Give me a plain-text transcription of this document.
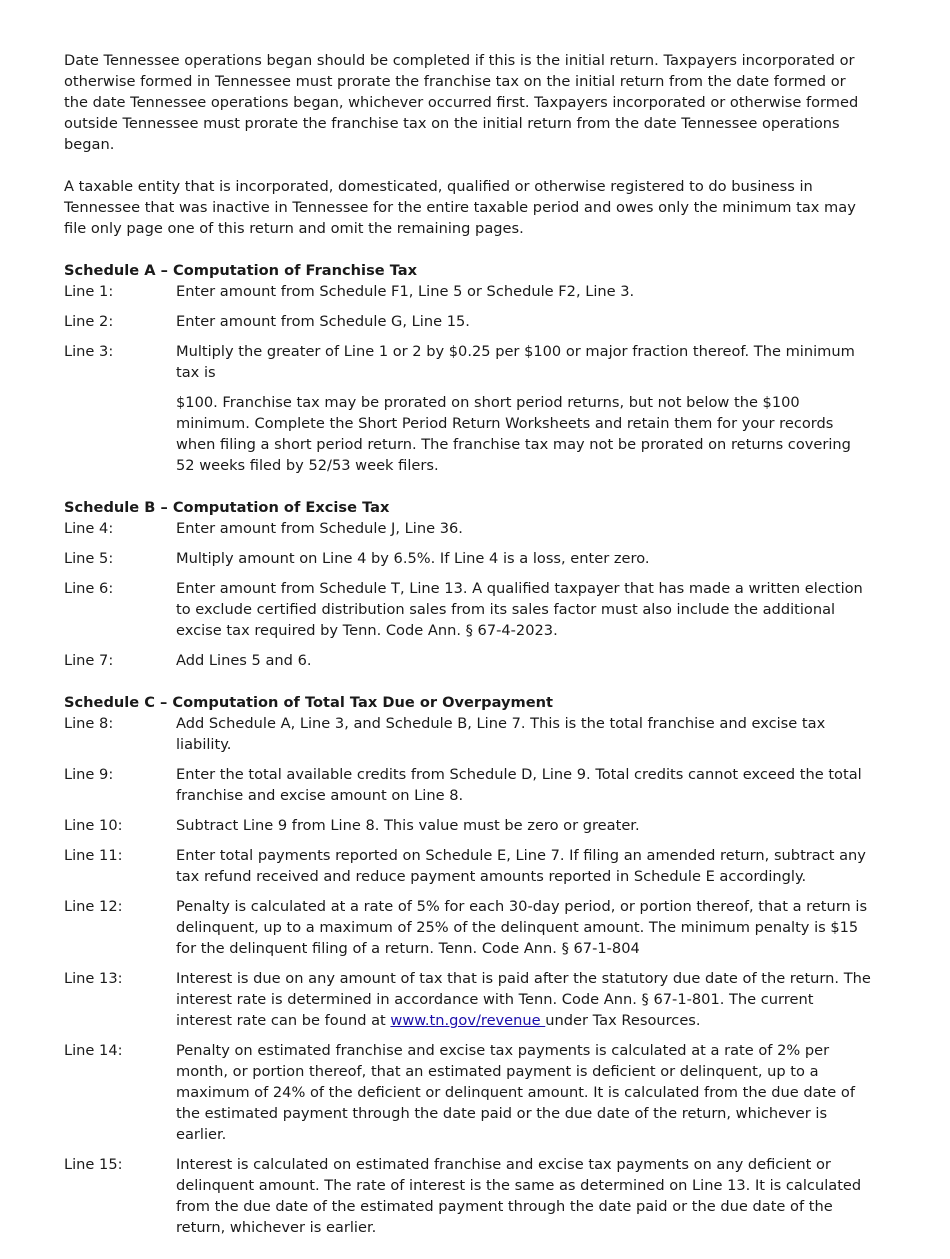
Date Tennessee operations began should be completed if this is the initial return. Taxpayers incorporated or otherwise formed in Tennessee must prorate the franchise tax on the initial return from the date formed or the date Tennessee operations began, whichever occurred first. Taxpayers incorporated or otherwise formed outside Tennessee must prorate the franchise tax on the initial return from the date Tennessee operations began.

A taxable entity that is incorporated, domesticated, qualified or otherwise registered to do business in Tennessee that was inactive in Tennessee for the entire taxable period and owes only the minimum tax may file only page one of this return and omit the remaining pages.

Schedule A – Computation of Franchise Tax
Line 1:	Enter amount from Schedule F1, Line 5 or Schedule F2, Line 3.
Line 2:	Enter amount from Schedule G, Line 15.
Line 3:	Multiply the greater of Line 1 or 2 by $0.25 per $100 or major fraction thereof. The minimum tax is
$100. Franchise tax may be prorated on short period returns, but not below the $100 minimum. Complete the Short Period Return Worksheets and retain them for your records when filing a short period return. The franchise tax may not be prorated on returns covering 52 weeks filed by 52/53 week filers.
Schedule B – Computation of Excise Tax
Line 4:	Enter amount from Schedule J, Line 36.
Line 5:	Multiply amount on Line 4 by 6.5%. If Line 4 is a loss, enter zero.
Line 6:	Enter amount from Schedule T, Line 13. A qualified taxpayer that has made a written election to exclude certified distribution sales from its sales factor must also include the additional excise tax required by Tenn. Code Ann. § 67-4-2023.
Line 7:	Add Lines 5 and 6.
Schedule C – Computation of Total Tax Due or Overpayment
Line 8:	Add Schedule A, Line 3, and Schedule B, Line 7. This is the total franchise and excise tax liability.
Line 9:	Enter the total available credits from Schedule D, Line 9. Total credits cannot exceed the total franchise and excise amount on Line 8.
Line 10:	Subtract Line 9 from Line 8. This value must be zero or greater.
Line 11:	Enter total payments reported on Schedule E, Line 7. If filing an amended return, subtract any tax refund received and reduce payment amounts reported in Schedule E accordingly.
Line 12:	Penalty is calculated at a rate of 5% for each 30-day period, or portion thereof, that a return is delinquent, up to a maximum of 25% of the delinquent amount. The minimum penalty is $15 for the delinquent filing of a return. Tenn. Code Ann. § 67-1-804
Line 13:	Interest is due on any amount of tax that is paid after the statutory due date of the return. The interest rate is determined in accordance with Tenn. Code Ann. § 67-1-801. The current interest rate can be found at www.tn.gov/revenue under Tax Resources.
Line 14:	Penalty on estimated franchise and excise tax payments is calculated at a rate of 2% per month, or portion thereof, that an estimated payment is deficient or delinquent, up to a maximum of 24% of the deficient or delinquent amount. It is calculated from the due date of the estimated payment through the date paid or the due date of the return, whichever is earlier.
Line 15:	Interest is calculated on estimated franchise and excise tax payments on any deficient or delinquent amount. The rate of interest is the same as determined on Line 13. It is calculated from the due date of the estimated payment through the date paid or the due date of the return, whichever is earlier.
